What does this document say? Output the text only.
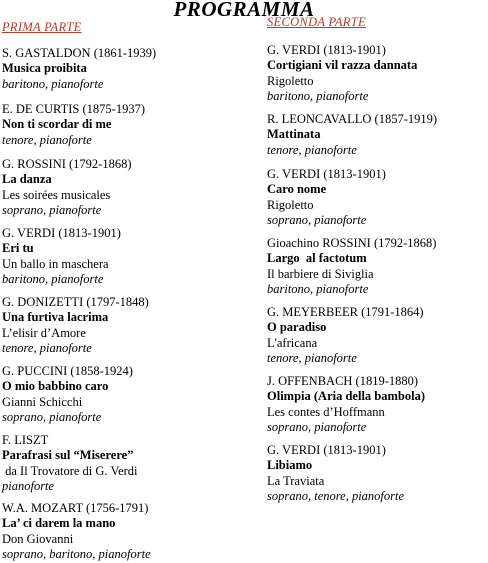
PROGRAMMA
PRIMA PARTE
S. GASTALDON (1861-1939)
Musica proibita
baritono, pianoforte
E. DE CURTIS (1875-1937)
Non ti scordar di me
tenore, pianoforte
G. ROSSINI (1792-1868)
La danza
Les soirées musicales
soprano, pianoforte
G. VERDI (1813-1901)
Eri tu
Un ballo in maschera
baritono, pianoforte
G. DONIZETTI (1797-1848)
Una furtiva lacrima
L’elisir d’Amore
tenore, pianoforte
G. PUCCINI (1858-1924)
O mio babbino caro
Gianni Schicchi
soprano, pianoforte
F. LISZT
Parafrasi sul “Miserere”
da Il Trovatore di G. Verdi
pianoforte
W.A. MOZART (1756-1791)
La’ ci darem la mano
Don Giovanni
soprano, baritono, pianoforte
SECONDA PARTE
G. VERDI (1813-1901)
Cortigiani vil razza dannata
Rigoletto
baritono, pianoforte
R. LEONCAVALLO (1857-1919)
Mattinata
tenore, pianoforte
G. VERDI (1813-1901)
Caro nome
Rigoletto
soprano, pianoforte
Gioachino ROSSINI (1792-1868)
Largo  al factotum
Il barbiere di Siviglia
baritono, pianoforte
G. MEYERBEER (1791-1864)
O paradiso
L'africana
tenore, pianoforte
J. OFFENBACH (1819-1880)
Olimpia (Aria della bambola)
Les contes d’Hoffmann
soprano, pianoforte
G. VERDI (1813-1901)
Libiamo
La Traviata
soprano, tenore, pianoforte
